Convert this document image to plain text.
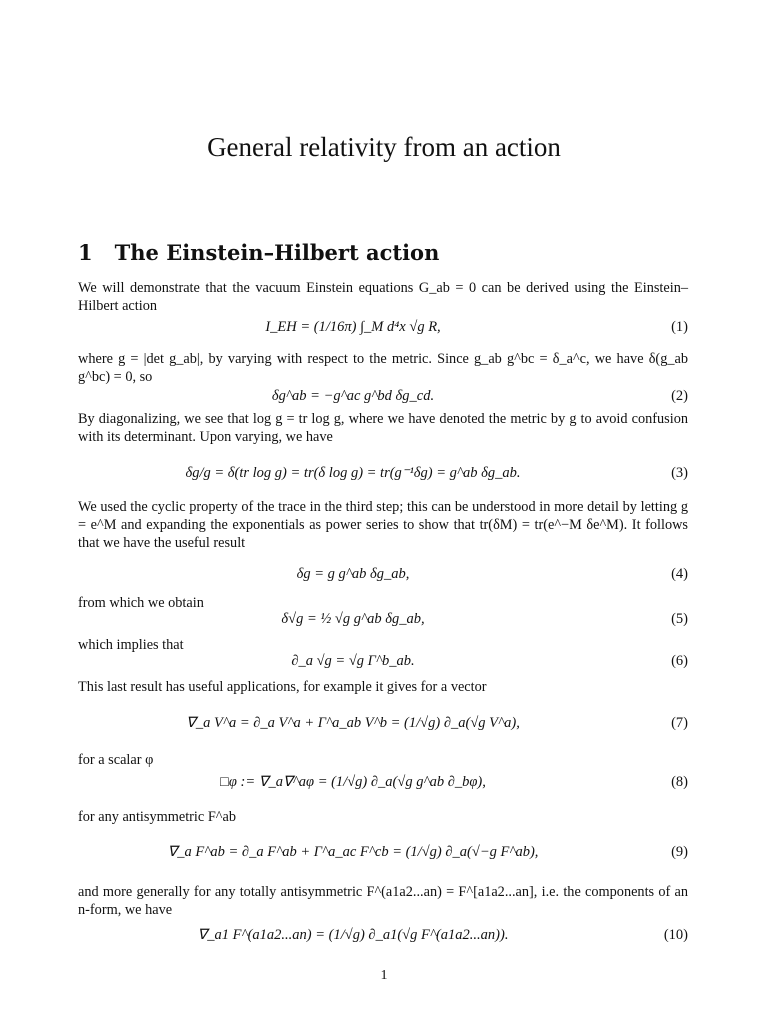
General relativity from an action
1 The Einstein–Hilbert action

We will demonstrate that the vacuum Einstein equations G_ab = 0 can be derived using the Einstein–Hilbert action

I_EH = (1/16π) ∫_M d⁴x √g R,	(1)

where g = |det g_ab|, by varying with respect to the metric. Since g_ab g^bc = δ_a^c, we have δ(g_ab g^bc) = 0, so

δg^ab = −g^ac g^bd δg_cd.	(2)

By diagonalizing, we see that log g = tr log g, where we have denoted the metric by g to avoid confusion with its determinant. Upon varying, we have

δg/g = δ(tr log g) = tr(δ log g) = tr(g⁻¹δg) = g^ab δg_ab.	(3)

We used the cyclic property of the trace in the third step; this can be understood in more detail by letting g = e^M and expanding the exponentials as power series to show that tr(δM) = tr(e^−M δe^M). It follows that we have the useful result

δg = g g^ab δg_ab,	(4)

from which we obtain

δ√g = ½ √g g^ab δg_ab,	(5)

which implies that

∂_a √g = √g Γ^b_ab.	(6)

This last result has useful applications, for example it gives for a vector

∇_a V^a = ∂_a V^a + Γ^a_ab V^b = (1/√g) ∂_a(√g V^a),	(7)

for a scalar φ

□φ := ∇_a∇^aφ = (1/√g) ∂_a(√g g^ab ∂_bφ),	(8)

for any antisymmetric F^ab

∇_a F^ab = ∂_a F^ab + Γ^a_ac F^cb = (1/√g) ∂_a(√−g F^ab),	(9)

and more generally for any totally antisymmetric F^(a1a2...an) = F^[a1a2...an], i.e. the components of an n-form, we have

∇_a1 F^(a1a2...an) = (1/√g) ∂_a1(√g F^(a1a2...an)).	(10)
1
